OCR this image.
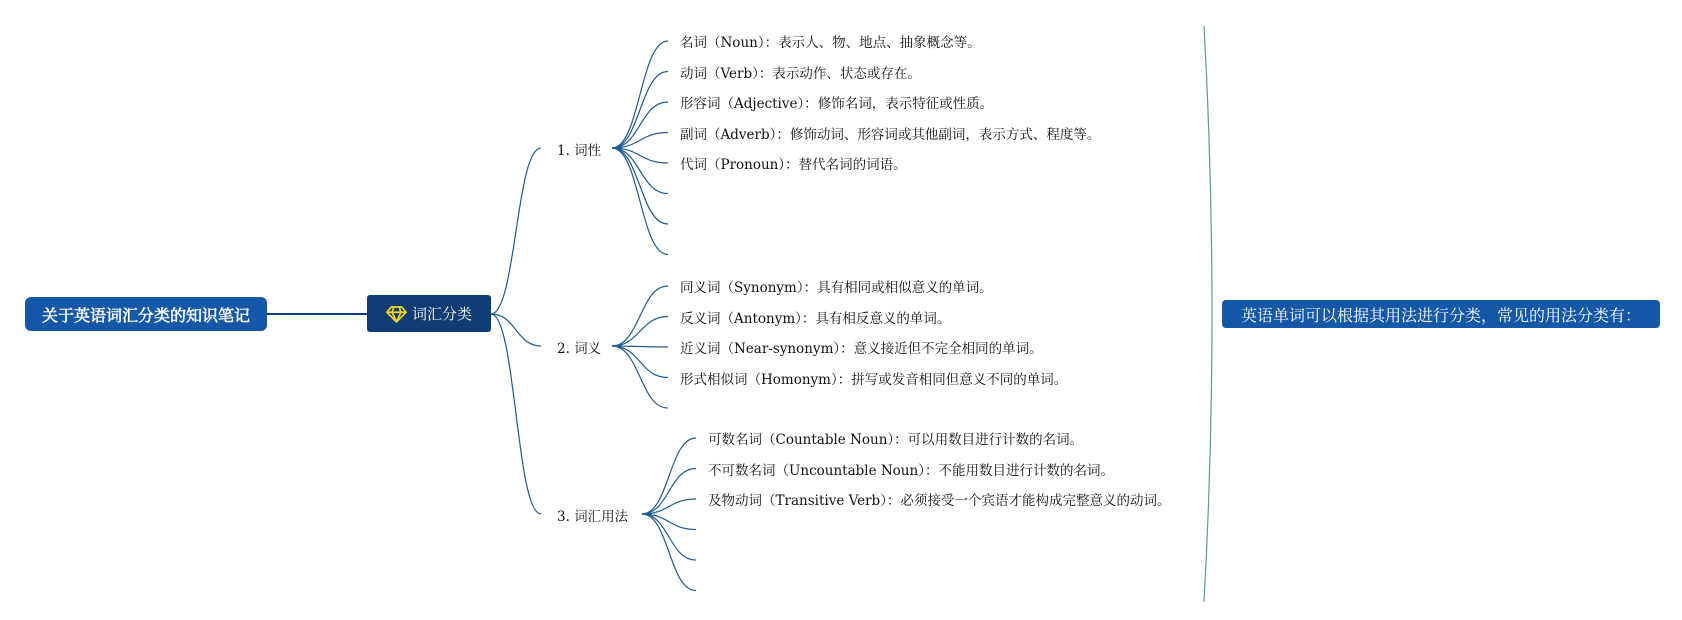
关于英语词汇分类的知识笔记	词汇分类
1. 词性
2. 词义
3. 词汇用法
英语单词可以根据其用法进行分类，常见的用法分类有：
名词（Noun）：表示人、物、地点、抽象概念等。
动词（Verb）：表示动作、状态或存在。
形容词（Adjective）：修饰名词，表示特征或性质。
副词（Adverb）：修饰动词、形容词或其他副词，表示方式、程度等。
代词（Pronoun）：替代名词的词语。
同义词（Synonym）：具有相同或相似意义的单词。
反义词（Antonym）：具有相反意义的单词。
近义词（Near-synonym）：意义接近但不完全相同的单词。
形式相似词（Homonym）：拼写或发音相同但意义不同的单词。
可数名词（Countable Noun）：可以用数目进行计数的名词。
不可数名词（Uncountable Noun）：不能用数目进行计数的名词。
及物动词（Transitive Verb）：必须接受一个宾语才能构成完整意义的动词。
